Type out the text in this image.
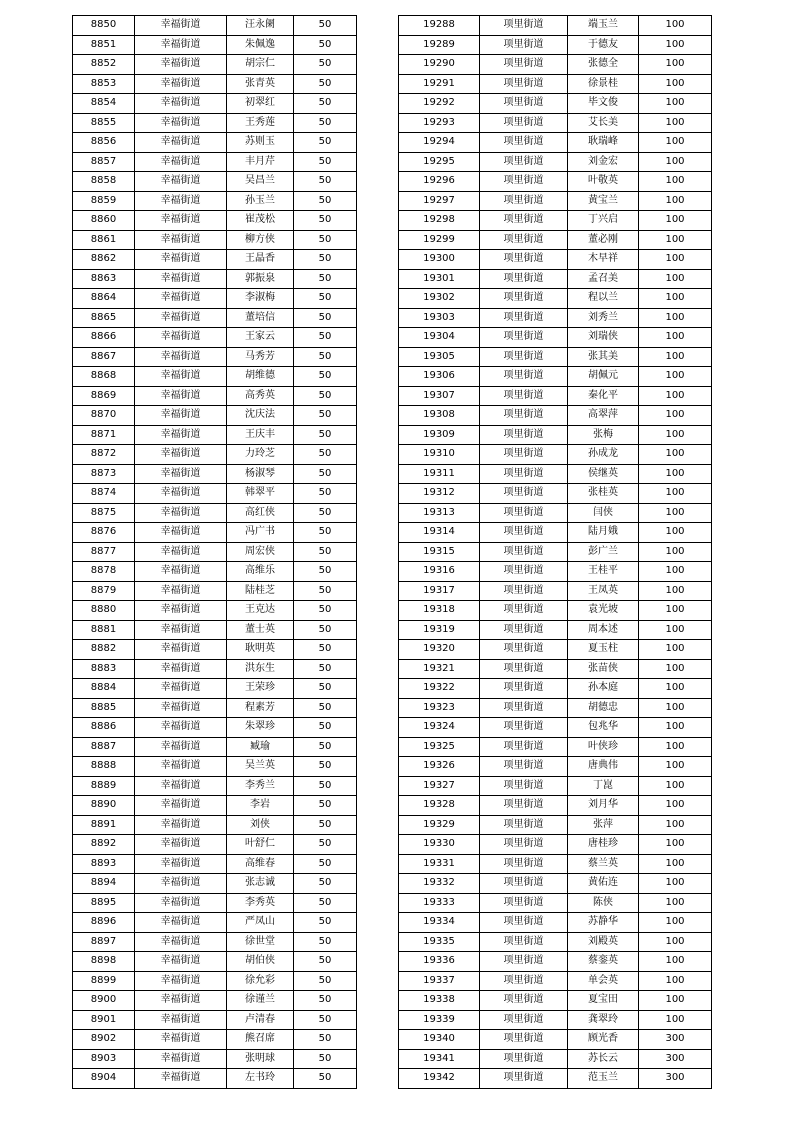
8850	幸福街道	汪永阑	50
8851	幸福街道	朱佩逸	50
8852	幸福街道	胡宗仁	50
8853	幸福街道	张青英	50
8854	幸福街道	初翠红	50
8855	幸福街道	王秀莲	50
8856	幸福街道	苏则玉	50
8857	幸福街道	丰月芹	50
8858	幸福街道	吴昌兰	50
8859	幸福街道	孙玉兰	50
8860	幸福街道	崔茂松	50
8861	幸福街道	柳方侠	50
8862	幸福街道	王晶香	50
8863	幸福街道	郭振泉	50
8864	幸福街道	李淑梅	50
8865	幸福街道	董培信	50
8866	幸福街道	王家云	50
8867	幸福街道	马秀芳	50
8868	幸福街道	胡维德	50
8869	幸福街道	高秀英	50
8870	幸福街道	沈庆法	50
8871	幸福街道	王庆丰	50
8872	幸福街道	力玲芝	50
8873	幸福街道	杨淑琴	50
8874	幸福街道	韩翠平	50
8875	幸福街道	高红侠	50
8876	幸福街道	冯广书	50
8877	幸福街道	周宏侠	50
8878	幸福街道	高维乐	50
8879	幸福街道	陆桂芝	50
8880	幸福街道	王克达	50
8881	幸福街道	董士英	50
8882	幸福街道	耿明英	50
8883	幸福街道	洪东生	50
8884	幸福街道	王荣珍	50
8885	幸福街道	程素芳	50
8886	幸福街道	朱翠珍	50
8887	幸福街道	臧瑜	50
8888	幸福街道	吴兰英	50
8889	幸福街道	李秀兰	50
8890	幸福街道	李岩	50
8891	幸福街道	刘侠	50
8892	幸福街道	叶舒仁	50
8893	幸福街道	高维春	50
8894	幸福街道	张志诚	50
8895	幸福街道	李秀英	50
8896	幸福街道	严凤山	50
8897	幸福街道	徐世堂	50
8898	幸福街道	胡伯侠	50
8899	幸福街道	徐允彩	50
8900	幸福街道	徐谨兰	50
8901	幸福街道	卢清春	50
8902	幸福街道	熊召席	50
8903	幸福街道	张明球	50
8904	幸福街道	左书玲	50
19288	项里街道	端玉兰	100
19289	项里街道	于德友	100
19290	项里街道	张德全	100
19291	项里街道	徐景桂	100
19292	项里街道	毕文俊	100
19293	项里街道	艾长美	100
19294	项里街道	耿瑞峰	100
19295	项里街道	刘金宏	100
19296	项里街道	叶敬英	100
19297	项里街道	黄宝兰	100
19298	项里街道	丁兴启	100
19299	项里街道	董必刚	100
19300	项里街道	木早祥	100
19301	项里街道	孟召美	100
19302	项里街道	程以兰	100
19303	项里街道	刘秀兰	100
19304	项里街道	刘瑞侠	100
19305	项里街道	张其美	100
19306	项里街道	胡佩元	100
19307	项里街道	秦化平	100
19308	项里街道	高翠萍	100
19309	项里街道	张梅	100
19310	项里街道	孙成龙	100
19311	项里街道	侯继英	100
19312	项里街道	张桂英	100
19313	项里街道	闫侠	100
19314	项里街道	陆月娥	100
19315	项里街道	彭广兰	100
19316	项里街道	王桂平	100
19317	项里街道	王凤英	100
19318	项里街道	袁光坡	100
19319	项里街道	周本述	100
19320	项里街道	夏玉柱	100
19321	项里街道	张苗侠	100
19322	项里街道	孙本庭	100
19323	项里街道	胡德忠	100
19324	项里街道	包兆华	100
19325	项里街道	叶侠珍	100
19326	项里街道	唐典伟	100
19327	项里街道	丁崑	100
19328	项里街道	刘月华	100
19329	项里街道	张萍	100
19330	项里街道	唐桂珍	100
19331	项里街道	蔡兰英	100
19332	项里街道	黄佑连	100
19333	项里街道	陈侠	100
19334	项里街道	苏静华	100
19335	项里街道	刘殿英	100
19336	项里街道	蔡銮英	100
19337	项里街道	单会英	100
19338	项里街道	夏宝田	100
19339	项里街道	龚翠玲	100
19340	项里街道	顾光香	300
19341	项里街道	苏长云	300
19342	项里街道	范玉兰	300
